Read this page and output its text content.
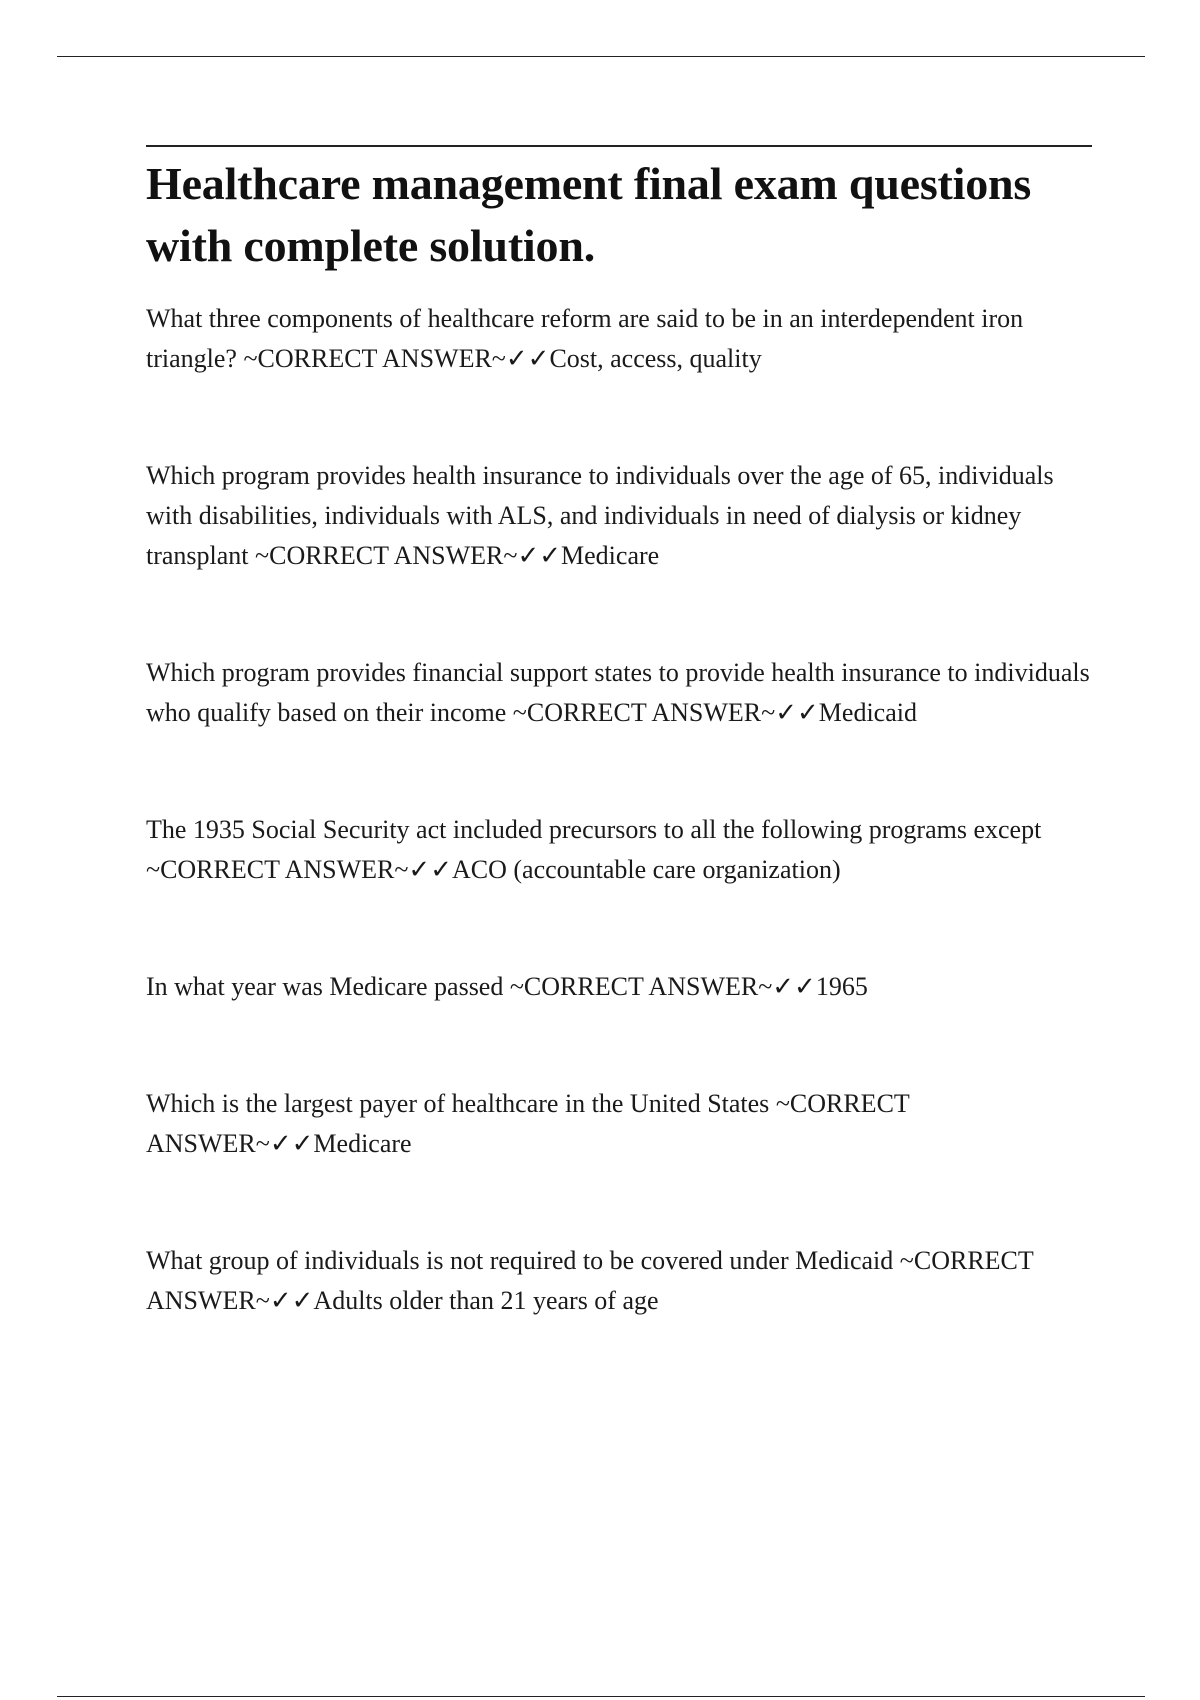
Healthcare management final exam questions with complete solution.

What three components of healthcare reform are said to be in an interdependent iron triangle? ~CORRECT ANSWER~✓✓Cost, access, quality

Which program provides health insurance to individuals over the age of 65, individuals with disabilities, individuals with ALS, and individuals in need of dialysis or kidney transplant ~CORRECT ANSWER~✓✓Medicare

Which program provides financial support states to provide health insurance to individuals who qualify based on their income ~CORRECT ANSWER~✓✓Medicaid

The 1935 Social Security act included precursors to all the following programs except ~CORRECT ANSWER~✓✓ACO (accountable care organization)

In what year was Medicare passed ~CORRECT ANSWER~✓✓1965

Which is the largest payer of healthcare in the United States ~CORRECT ANSWER~✓✓Medicare

What group of individuals is not required to be covered under Medicaid ~CORRECT ANSWER~✓✓Adults older than 21 years of age
